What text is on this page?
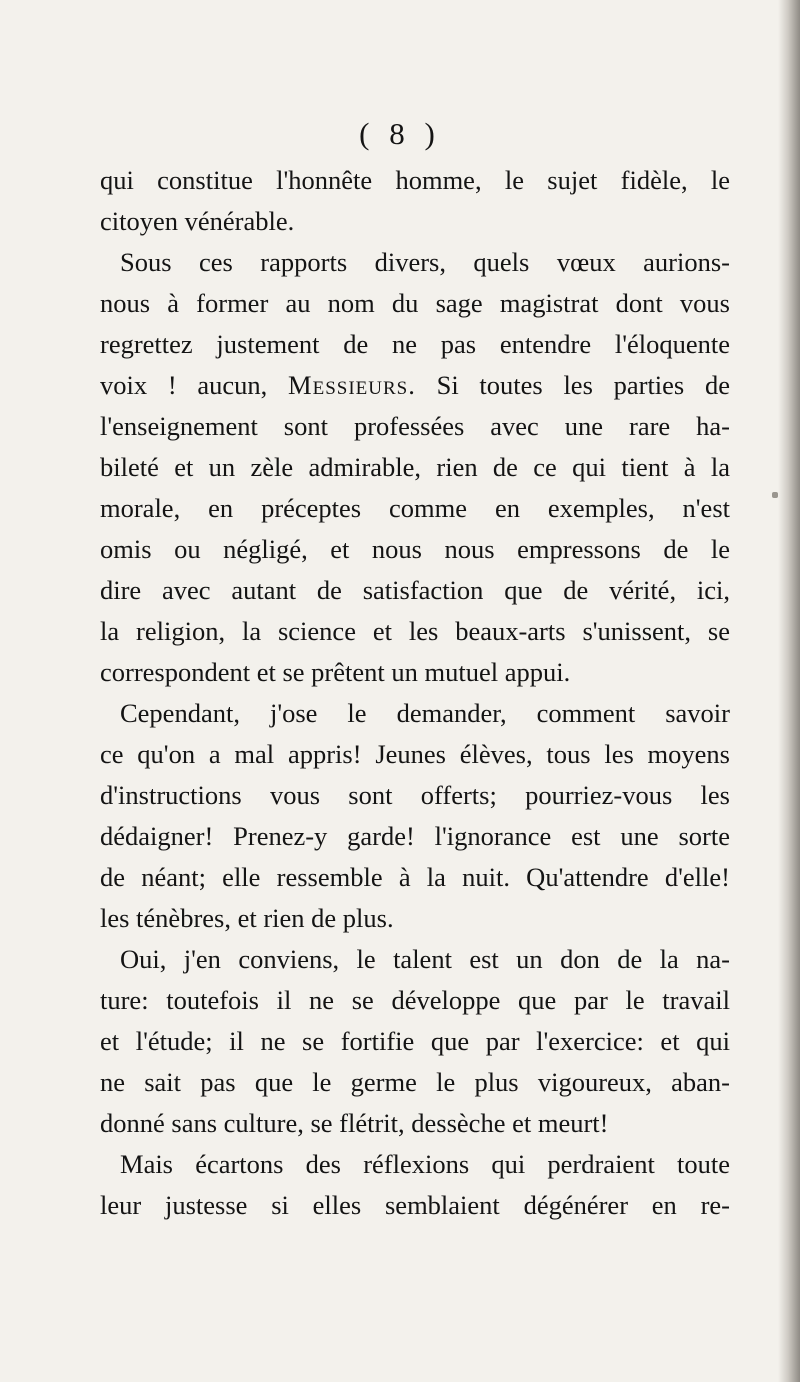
( 8 )
qui constitue l'honnête homme, le sujet fidèle, le
citoyen vénérable.
Sous ces rapports divers, quels vœux aurions-
nous à former au nom du sage magistrat dont vous
regrettez justement de ne pas entendre l'éloquente
voix ! aucun, Messieurs. Si toutes les parties de
l'enseignement sont professées avec une rare ha-
bileté et un zèle admirable, rien de ce qui tient à la
morale, en préceptes comme en exemples, n'est
omis ou négligé, et nous nous empressons de le
dire avec autant de satisfaction que de vérité, ici,
la religion, la science et les beaux-arts s'unissent, se
correspondent et se prêtent un mutuel appui.
Cependant, j'ose le demander, comment savoir
ce qu'on a mal appris! Jeunes élèves, tous les moyens
d'instructions vous sont offerts; pourriez-vous les
dédaigner! Prenez-y garde! l'ignorance est une sorte
de néant; elle ressemble à la nuit. Qu'attendre d'elle!
les ténèbres, et rien de plus.
Oui, j'en conviens, le talent est un don de la na-
ture: toutefois il ne se développe que par le travail
et l'étude; il ne se fortifie que par l'exercice: et qui
ne sait pas que le germe le plus vigoureux, aban-
donné sans culture, se flétrit, dessèche et meurt!
Mais écartons des réflexions qui perdraient toute
leur justesse si elles semblaient dégénérer en re-
